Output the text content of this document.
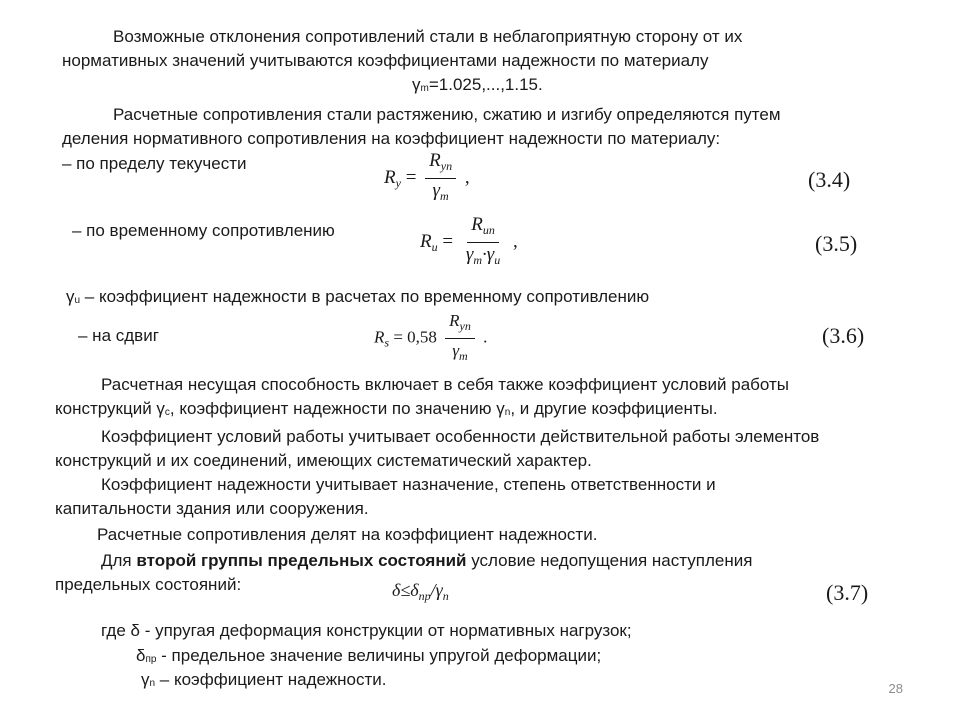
Возможные отклонения сопротивлений стали в неблагоприятную сторону от их
нормативных значений учитываются коэффициентами надежности по материалу
γm=1.025,...,1.15.
Расчетные сопротивления стали растяжению, сжатию и изгибу определяются путем
деления нормативного сопротивления на коэффициент надежности по материалу:
– по пределу текучести
$R_y = \frac{R_{yn}}{\gamma_m}$ ,	(3.4)
– по временному сопротивлению
$R_u = \frac{R_{un}}{\gamma_m\cdot\gamma_u}$ ,	(3.5)
γu – коэффициент надежности в расчетах по временному сопротивлению
– на сдвиг	$R_s = 0,58 \frac{R_{yn}}{\gamma_m}$ .	(3.6)
Расчетная несущая способность включает в себя также коэффициент условий работы
конструкций γc, коэффициент надежности по значению γn, и другие коэффициенты.
Коэффициент условий работы учитывает особенности действительной работы элементов
конструкций и их соединений, имеющих систематический характер.
Коэффициент надежности учитывает назначение, степень ответственности и
капитальности здания или сооружения.
Расчетные сопротивления делят на коэффициент надежности.
Для второй группы предельных состояний условие недопущения наступления
предельных состояний:	$\delta\le\delta_{пр}/\gamma_n$	(3.7)
где δ - упругая деформация конструкции от нормативных нагрузок;
δпр - предельное значение величины упругой деформации;
γn – коэффициент надежности.	28
